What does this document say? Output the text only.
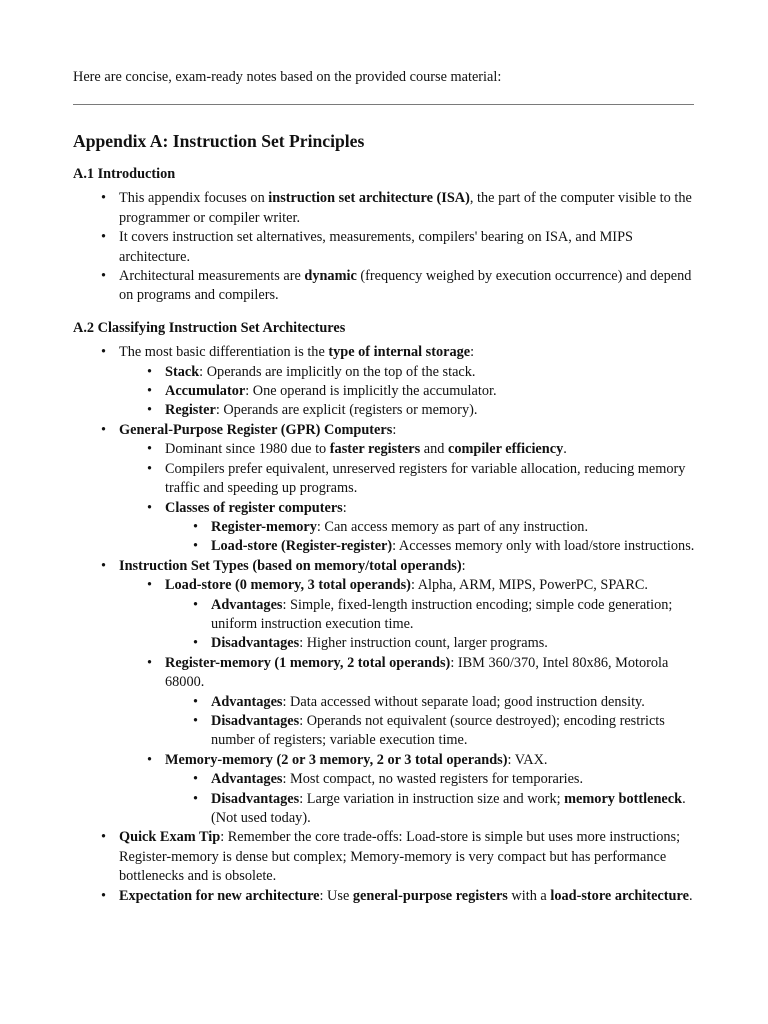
Here are concise, exam-ready notes based on the provided course material:

Appendix A: Instruction Set Principles
A.1 Introduction
• This appendix focuses on instruction set architecture (ISA), the part of the computer visible to the programmer or compiler writer.
• It covers instruction set alternatives, measurements, compilers' bearing on ISA, and MIPS architecture.
• Architectural measurements are dynamic (frequency weighed by execution occurrence) and depend on programs and compilers.
A.2 Classifying Instruction Set Architectures
• The most basic differentiation is the type of internal storage:
• Stack: Operands are implicitly on the top of the stack.
• Accumulator: One operand is implicitly the accumulator.
• Register: Operands are explicit (registers or memory).
• General-Purpose Register (GPR) Computers:
• Dominant since 1980 due to faster registers and compiler efficiency.
• Compilers prefer equivalent, unreserved registers for variable allocation, reducing memory traffic and speeding up programs.
• Classes of register computers:
• Register-memory: Can access memory as part of any instruction.
• Load-store (Register-register): Accesses memory only with load/store instructions.
• Instruction Set Types (based on memory/total operands):
• Load-store (0 memory, 3 total operands): Alpha, ARM, MIPS, PowerPC, SPARC.
• Advantages: Simple, fixed-length instruction encoding; simple code generation; uniform instruction execution time.
• Disadvantages: Higher instruction count, larger programs.
• Register-memory (1 memory, 2 total operands): IBM 360/370, Intel 80x86, Motorola 68000.
• Advantages: Data accessed without separate load; good instruction density.
• Disadvantages: Operands not equivalent (source destroyed); encoding restricts number of registers; variable execution time.
• Memory-memory (2 or 3 memory, 2 or 3 total operands): VAX.
• Advantages: Most compact, no wasted registers for temporaries.
• Disadvantages: Large variation in instruction size and work; memory bottleneck. (Not used today).
• Quick Exam Tip: Remember the core trade-offs: Load-store is simple but uses more instructions; Register-memory is dense but complex; Memory-memory is very compact but has performance bottlenecks and is obsolete.
• Expectation for new architecture: Use general-purpose registers with a load-store architecture.
